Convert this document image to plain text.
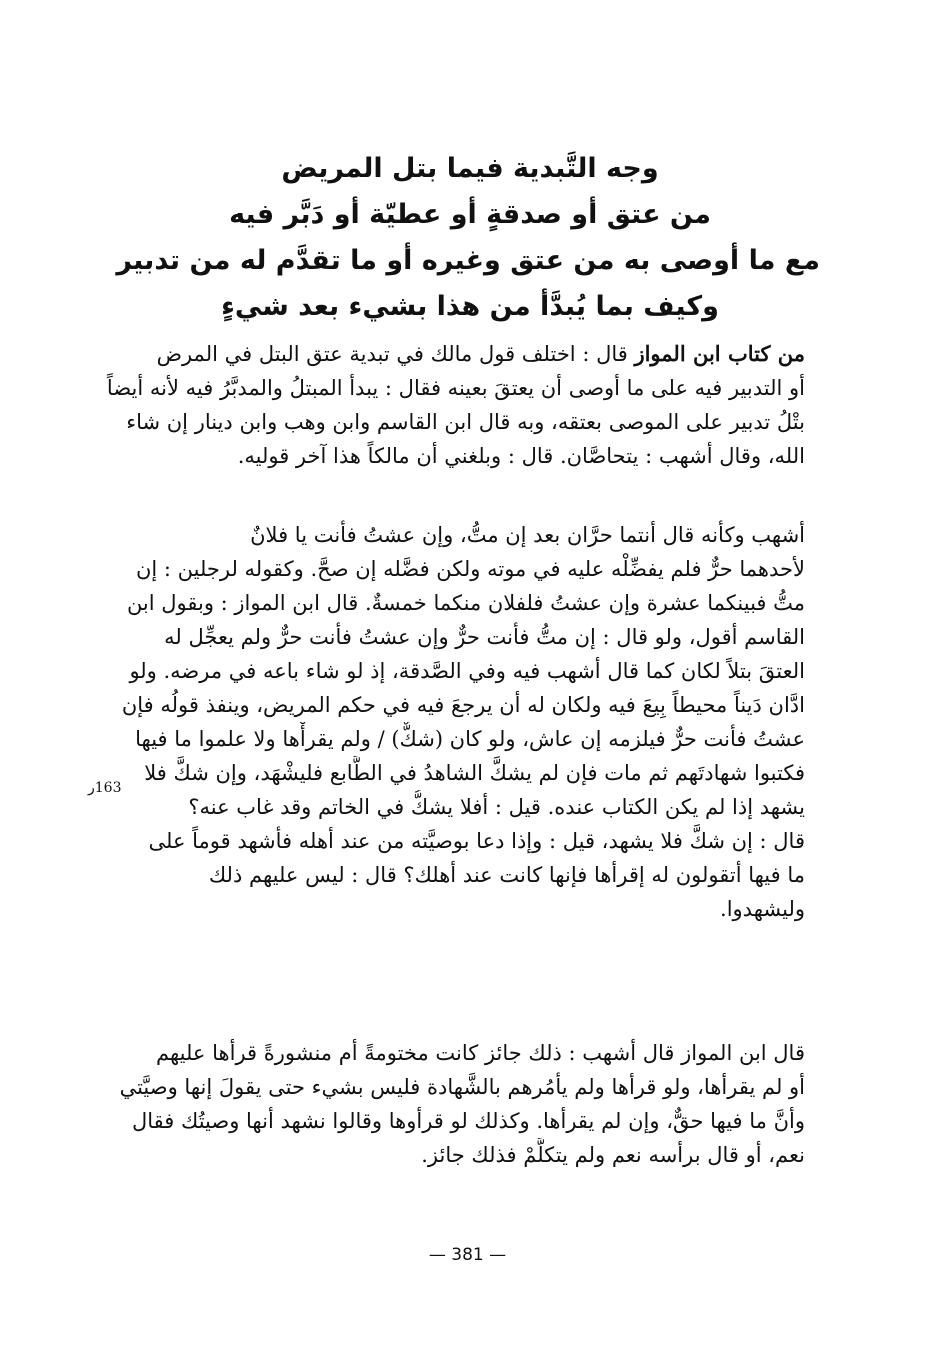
وجه التَّبدية فيما بتل المريض
من عتق أو صدقةٍ أو عطيّة أو دَبَّر فيه
مع ما أوصى به من عتق وغيره أو ما تقدَّم له من تدبير
وكيف بما يُبدَّأ من هذا بشيء بعد شيءٍ
من كتاب ابن المواز قال : اختلف قول مالك في تبدية عتق البتل في المرض
أو التدبير فيه على ما أوصى أن يعتقَ بعينه فقال : يبدأ المبتلُ والمدبَّرُ فيه لأنه أيضاً
بتْلُ تدبير على الموصى بعتقه، وبه قال ابن القاسم وابن وهب وابن دينار إن شاء
الله، وقال أشهب : يتحاصَّان. قال : وبلغني أن مالكاً هذا آخر قوليه.
أشهب وكأنه قال أنتما حرَّان بعد إن متُّ، وإن عشتُ فأنت يا فلانٌ
لأحدهما حرٌّ فلم يفضِّلْه عليه في موته ولكن فضَّله إن صحَّ. وكقوله لرجلين : إن
متُّ فبينكما عشرة وإن عشتُ فلفلان منكما خمسةٌ. قال ابن المواز : وبقول ابن
القاسم أقول، ولو قال : إن متُّ فأنت حرٌّ وإن عشتُ فأنت حرٌّ ولم يعجِّل له
العتقَ بتلاً لكان كما قال أشهب فيه وفي الصَّدقة، إذ لو شاء باعه في مرضه. ولو
ادَّان دَيناً محيطاً بِيعَ فيه ولكان له أن يرجعَ فيه في حكم المريض، وينفذ قولُه فإن
عشتُ فأنت حرٌّ فيلزمه إن عاش، ولو كان (شكٌّ) / ولم يقرأْها ولا علموا ما فيها
فكتبوا شهادتَهم ثم مات فإن لم يشكَّ الشاهدُ في الطَّابع فليشْهَد، وإن شكَّ فلا
يشهد إذا لم يكن الكتاب عنده. قيل : أفلا يشكُّ في الخاتم وقد غاب عنه؟
قال : إن شكَّ فلا يشهد، قيل : وإذا دعا بوصيَّته من عند أهله فأشهد قوماً على
ما فيها أتقولون له إقرأها فإنها كانت عند أهلك؟ قال : ليس عليهم ذلك
وليشهدوا.
قال ابن المواز قال أشهب : ذلك جائز كانت مختومةً أم منشورةً قرأها عليهم
أو لم يقرأها، ولو قرأها ولم يأمُرهم بالشَّهادة فليس بشيء حتى يقولَ إنها وصيَّتي
وأنَّ ما فيها حقٌّ، وإن لم يقرأها. وكذلك لو قرأوها وقالوا نشهد أنها وصيتُك فقال
نعم، أو قال برأسه نعم ولم يتكلَّمْ فذلك جائز.
163ر
— 381 —
